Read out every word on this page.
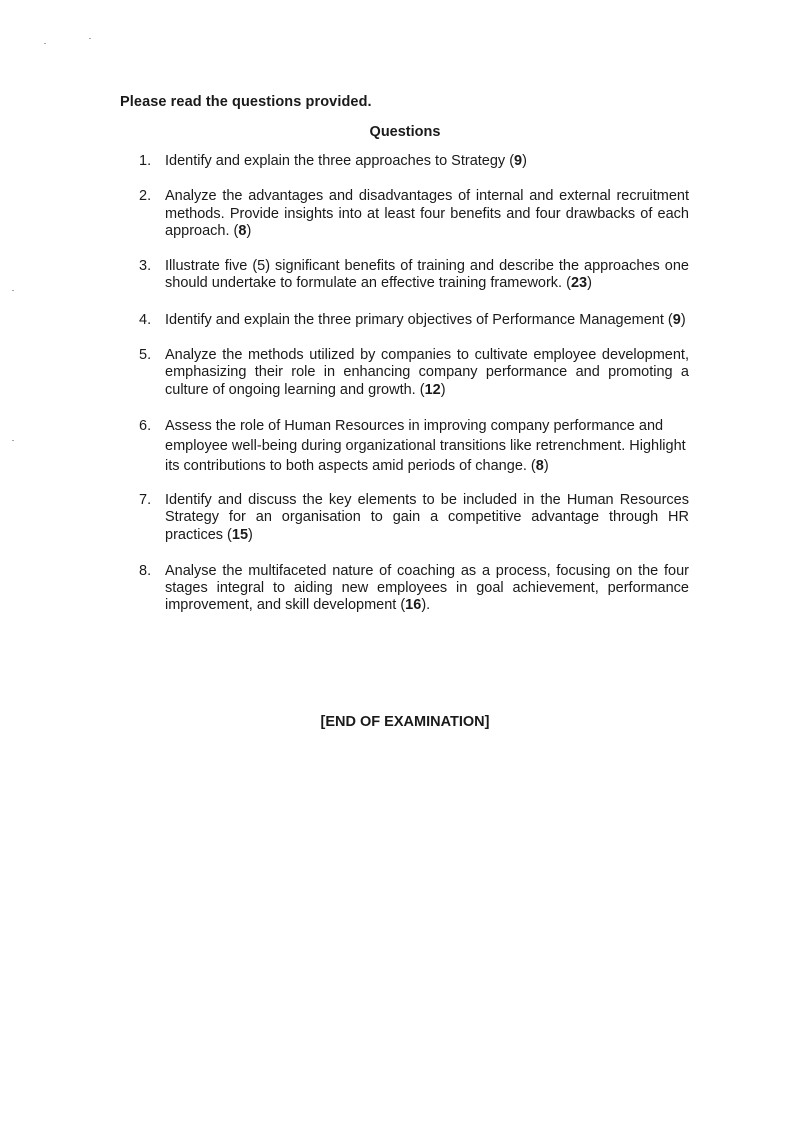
Please read the questions provided.
Questions
1. Identify and explain the three approaches to Strategy (9)
2. Analyze the advantages and disadvantages of internal and external recruitment methods. Provide insights into at least four benefits and four drawbacks of each approach. (8)
3. Illustrate five (5) significant benefits of training and describe the approaches one should undertake to formulate an effective training framework. (23)
4. Identify and explain the three primary objectives of Performance Management (9)
5. Analyze the methods utilized by companies to cultivate employee development, emphasizing their role in enhancing company performance and promoting a culture of ongoing learning and growth. (12)
6. Assess the role of Human Resources in improving company performance and employee well-being during organizational transitions like retrenchment. Highlight its contributions to both aspects amid periods of change. (8)
7. Identify and discuss the key elements to be included in the Human Resources Strategy for an organisation to gain a competitive advantage through HR practices (15)
8. Analyse the multifaceted nature of coaching as a process, focusing on the four stages integral to aiding new employees in goal achievement, performance improvement, and skill development (16).
[END OF EXAMINATION]
